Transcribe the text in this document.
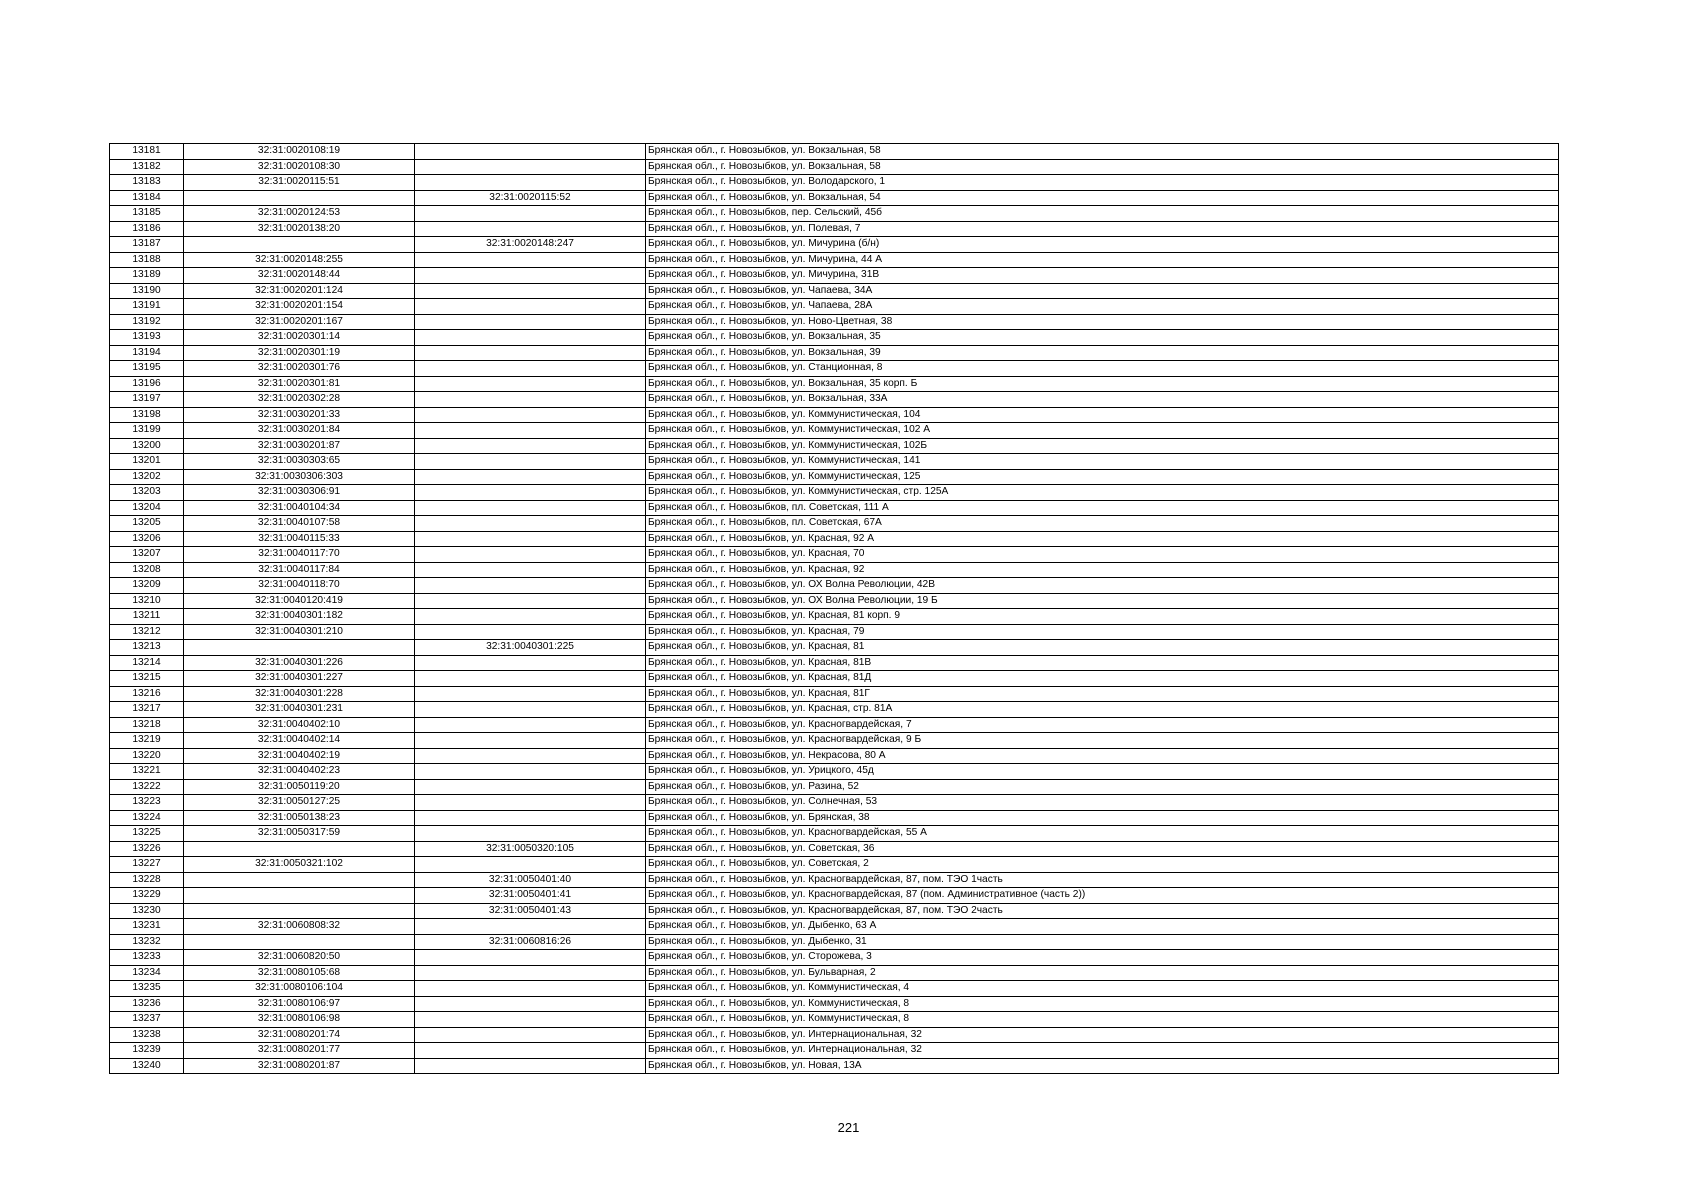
13181	32:31:0020108:19		Брянская обл., г. Новозыбков, ул. Вокзальная, 58
13182	32:31:0020108:30		Брянская обл., г. Новозыбков, ул. Вокзальная, 58
13183	32:31:0020115:51		Брянская обл., г. Новозыбков, ул. Володарского, 1
13184		32:31:0020115:52	Брянская обл., г. Новозыбков, ул. Вокзальная, 54
13185	32:31:0020124:53		Брянская обл., г. Новозыбков, пер. Сельский, 45б
13186	32:31:0020138:20		Брянская обл., г. Новозыбков, ул. Полевая, 7
13187		32:31:0020148:247	Брянская обл., г. Новозыбков, ул. Мичурина (б/н)
13188	32:31:0020148:255		Брянская обл., г. Новозыбков, ул. Мичурина, 44 А
13189	32:31:0020148:44		Брянская обл., г. Новозыбков, ул. Мичурина, 31В
13190	32:31:0020201:124		Брянская обл., г. Новозыбков, ул. Чапаева, 34А
13191	32:31:0020201:154		Брянская обл., г. Новозыбков, ул. Чапаева, 28А
13192	32:31:0020201:167		Брянская обл., г. Новозыбков, ул. Ново-Цветная, 38
13193	32:31:0020301:14		Брянская обл., г. Новозыбков, ул. Вокзальная, 35
13194	32:31:0020301:19		Брянская обл., г. Новозыбков, ул. Вокзальная, 39
13195	32:31:0020301:76		Брянская обл., г. Новозыбков, ул. Станционная, 8
13196	32:31:0020301:81		Брянская обл., г. Новозыбков, ул. Вокзальная, 35 корп. Б
13197	32:31:0020302:28		Брянская обл., г. Новозыбков, ул. Вокзальная, 33А
13198	32:31:0030201:33		Брянская обл., г. Новозыбков, ул. Коммунистическая, 104
13199	32:31:0030201:84		Брянская обл., г. Новозыбков, ул. Коммунистическая, 102 А
13200	32:31:0030201:87		Брянская обл., г. Новозыбков, ул. Коммунистическая, 102Б
13201	32:31:0030303:65		Брянская обл., г. Новозыбков, ул. Коммунистическая, 141
13202	32:31:0030306:303		Брянская обл., г. Новозыбков, ул. Коммунистическая, 125
13203	32:31:0030306:91		Брянская обл., г. Новозыбков, ул. Коммунистическая, стр. 125А
13204	32:31:0040104:34		Брянская обл., г. Новозыбков, пл. Советская, 111 А
13205	32:31:0040107:58		Брянская обл., г. Новозыбков, пл. Советская, 67А
13206	32:31:0040115:33		Брянская обл., г. Новозыбков, ул. Красная, 92 А
13207	32:31:0040117:70		Брянская обл., г. Новозыбков, ул. Красная, 70
13208	32:31:0040117:84		Брянская обл., г. Новозыбков, ул. Красная, 92
13209	32:31:0040118:70		Брянская обл., г. Новозыбков, ул. ОХ Волна Революции, 42В
13210	32:31:0040120:419		Брянская обл., г. Новозыбков, ул. ОХ Волна Революции, 19 Б
13211	32:31:0040301:182		Брянская обл., г. Новозыбков, ул. Красная, 81 корп. 9
13212	32:31:0040301:210		Брянская обл., г. Новозыбков, ул. Красная, 79
13213		32:31:0040301:225	Брянская обл., г. Новозыбков, ул. Красная, 81
13214	32:31:0040301:226		Брянская обл., г. Новозыбков, ул. Красная, 81В
13215	32:31:0040301:227		Брянская обл., г. Новозыбков, ул. Красная, 81Д
13216	32:31:0040301:228		Брянская обл., г. Новозыбков, ул. Красная, 81Г
13217	32:31:0040301:231		Брянская обл., г. Новозыбков, ул. Красная, стр. 81А
13218	32:31:0040402:10		Брянская обл., г. Новозыбков, ул. Красногвардейская, 7
13219	32:31:0040402:14		Брянская обл., г. Новозыбков, ул. Красногвардейская, 9 Б
13220	32:31:0040402:19		Брянская обл., г. Новозыбков, ул. Некрасова, 80 А
13221	32:31:0040402:23		Брянская обл., г. Новозыбков, ул. Урицкого, 45д
13222	32:31:0050119:20		Брянская обл., г. Новозыбков, ул. Разина, 52
13223	32:31:0050127:25		Брянская обл., г. Новозыбков, ул. Солнечная, 53
13224	32:31:0050138:23		Брянская обл., г. Новозыбков, ул. Брянская, 38
13225	32:31:0050317:59		Брянская обл., г. Новозыбков, ул. Красногвардейская, 55 А
13226		32:31:0050320:105	Брянская обл., г. Новозыбков, ул. Советская, 36
13227	32:31:0050321:102		Брянская обл., г. Новозыбков, ул. Советская, 2
13228		32:31:0050401:40	Брянская обл., г. Новозыбков, ул. Красногвардейская, 87, пом. ТЭО 1часть
13229		32:31:0050401:41	Брянская обл., г. Новозыбков, ул. Красногвардейская, 87 (пом. Административное (часть 2))
13230		32:31:0050401:43	Брянская обл., г. Новозыбков, ул. Красногвардейская, 87, пом. ТЭО 2часть
13231	32:31:0060808:32		Брянская обл., г. Новозыбков, ул. Дыбенко, 63 А
13232		32:31:0060816:26	Брянская обл., г. Новозыбков, ул. Дыбенко, 31
13233	32:31:0060820:50		Брянская обл., г. Новозыбков, ул. Сторожева, 3
13234	32:31:0080105:68		Брянская обл., г. Новозыбков, ул. Бульварная, 2
13235	32:31:0080106:104		Брянская обл., г. Новозыбков, ул. Коммунистическая, 4
13236	32:31:0080106:97		Брянская обл., г. Новозыбков, ул. Коммунистическая, 8
13237	32:31:0080106:98		Брянская обл., г. Новозыбков, ул. Коммунистическая, 8
13238	32:31:0080201:74		Брянская обл., г. Новозыбков, ул. Интернациональная, 32
13239	32:31:0080201:77		Брянская обл., г. Новозыбков, ул. Интернациональная, 32
13240	32:31:0080201:87		Брянская обл., г. Новозыбков, ул. Новая, 13А
221
